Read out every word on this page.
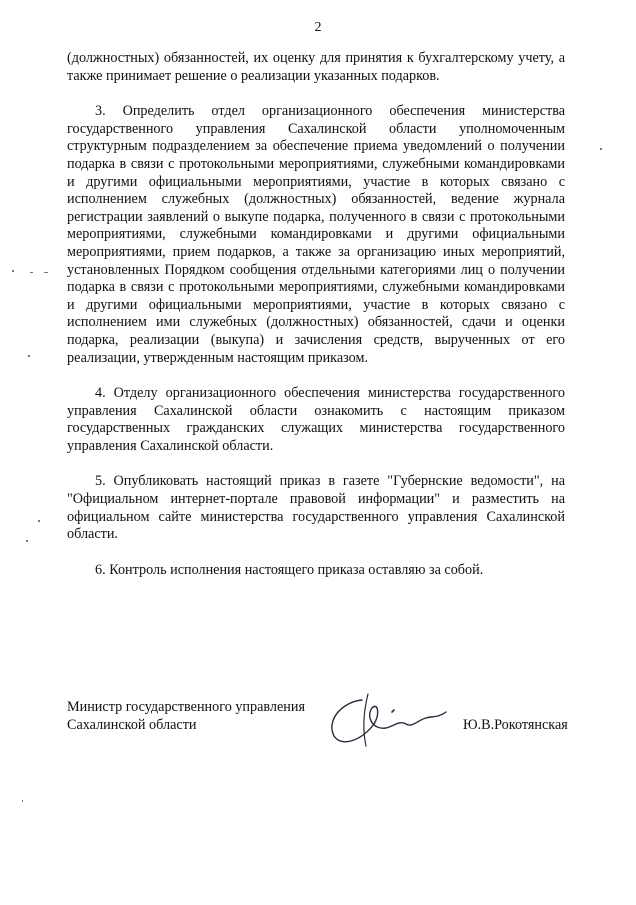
2

(должностных) обязанностей, их оценку для принятия к бухгалтерскому учету, а также принимает решение о реализации указанных подарков.

3. Определить отдел организационного обеспечения министерства государственного управления Сахалинской области уполномоченным структурным подразделением за обеспечение приема уведомлений о получении подарка в связи с протокольными мероприятиями, служебными командировками и другими официальными мероприятиями, участие в которых связано с исполнением служебных (должностных) обязанностей, ведение журнала регистрации заявлений о выкупе подарка, полученного в связи с протокольными мероприятиями, служебными командировками и другими официальными мероприятиями, прием подарков, а также за организацию иных мероприятий, установленных Порядком сообщения отдельными категориями лиц о получении подарка в связи с протокольными мероприятиями, служебными командировками и другими официальными мероприятиями, участие в которых связано с исполнением ими служебных (должностных) обязанностей, сдачи и оценки подарка, реализации (выкупа) и зачисления средств, вырученных от его реализации, утвержденным настоящим приказом.

4. Отделу организационного обеспечения министерства государственного управления Сахалинской области ознакомить с настоящим приказом государственных гражданских служащих министерства государственного управления Сахалинской области.

5. Опубликовать настоящий приказ в газете "Губернские ведомости", на "Официальном интернет-портале правовой информации" и разместить на официальном сайте министерства государственного управления Сахалинской области.

6. Контроль исполнения настоящего приказа оставляю за собой.

Министр государственного управления
Сахалинской области	Ю.В.Рокотянская
